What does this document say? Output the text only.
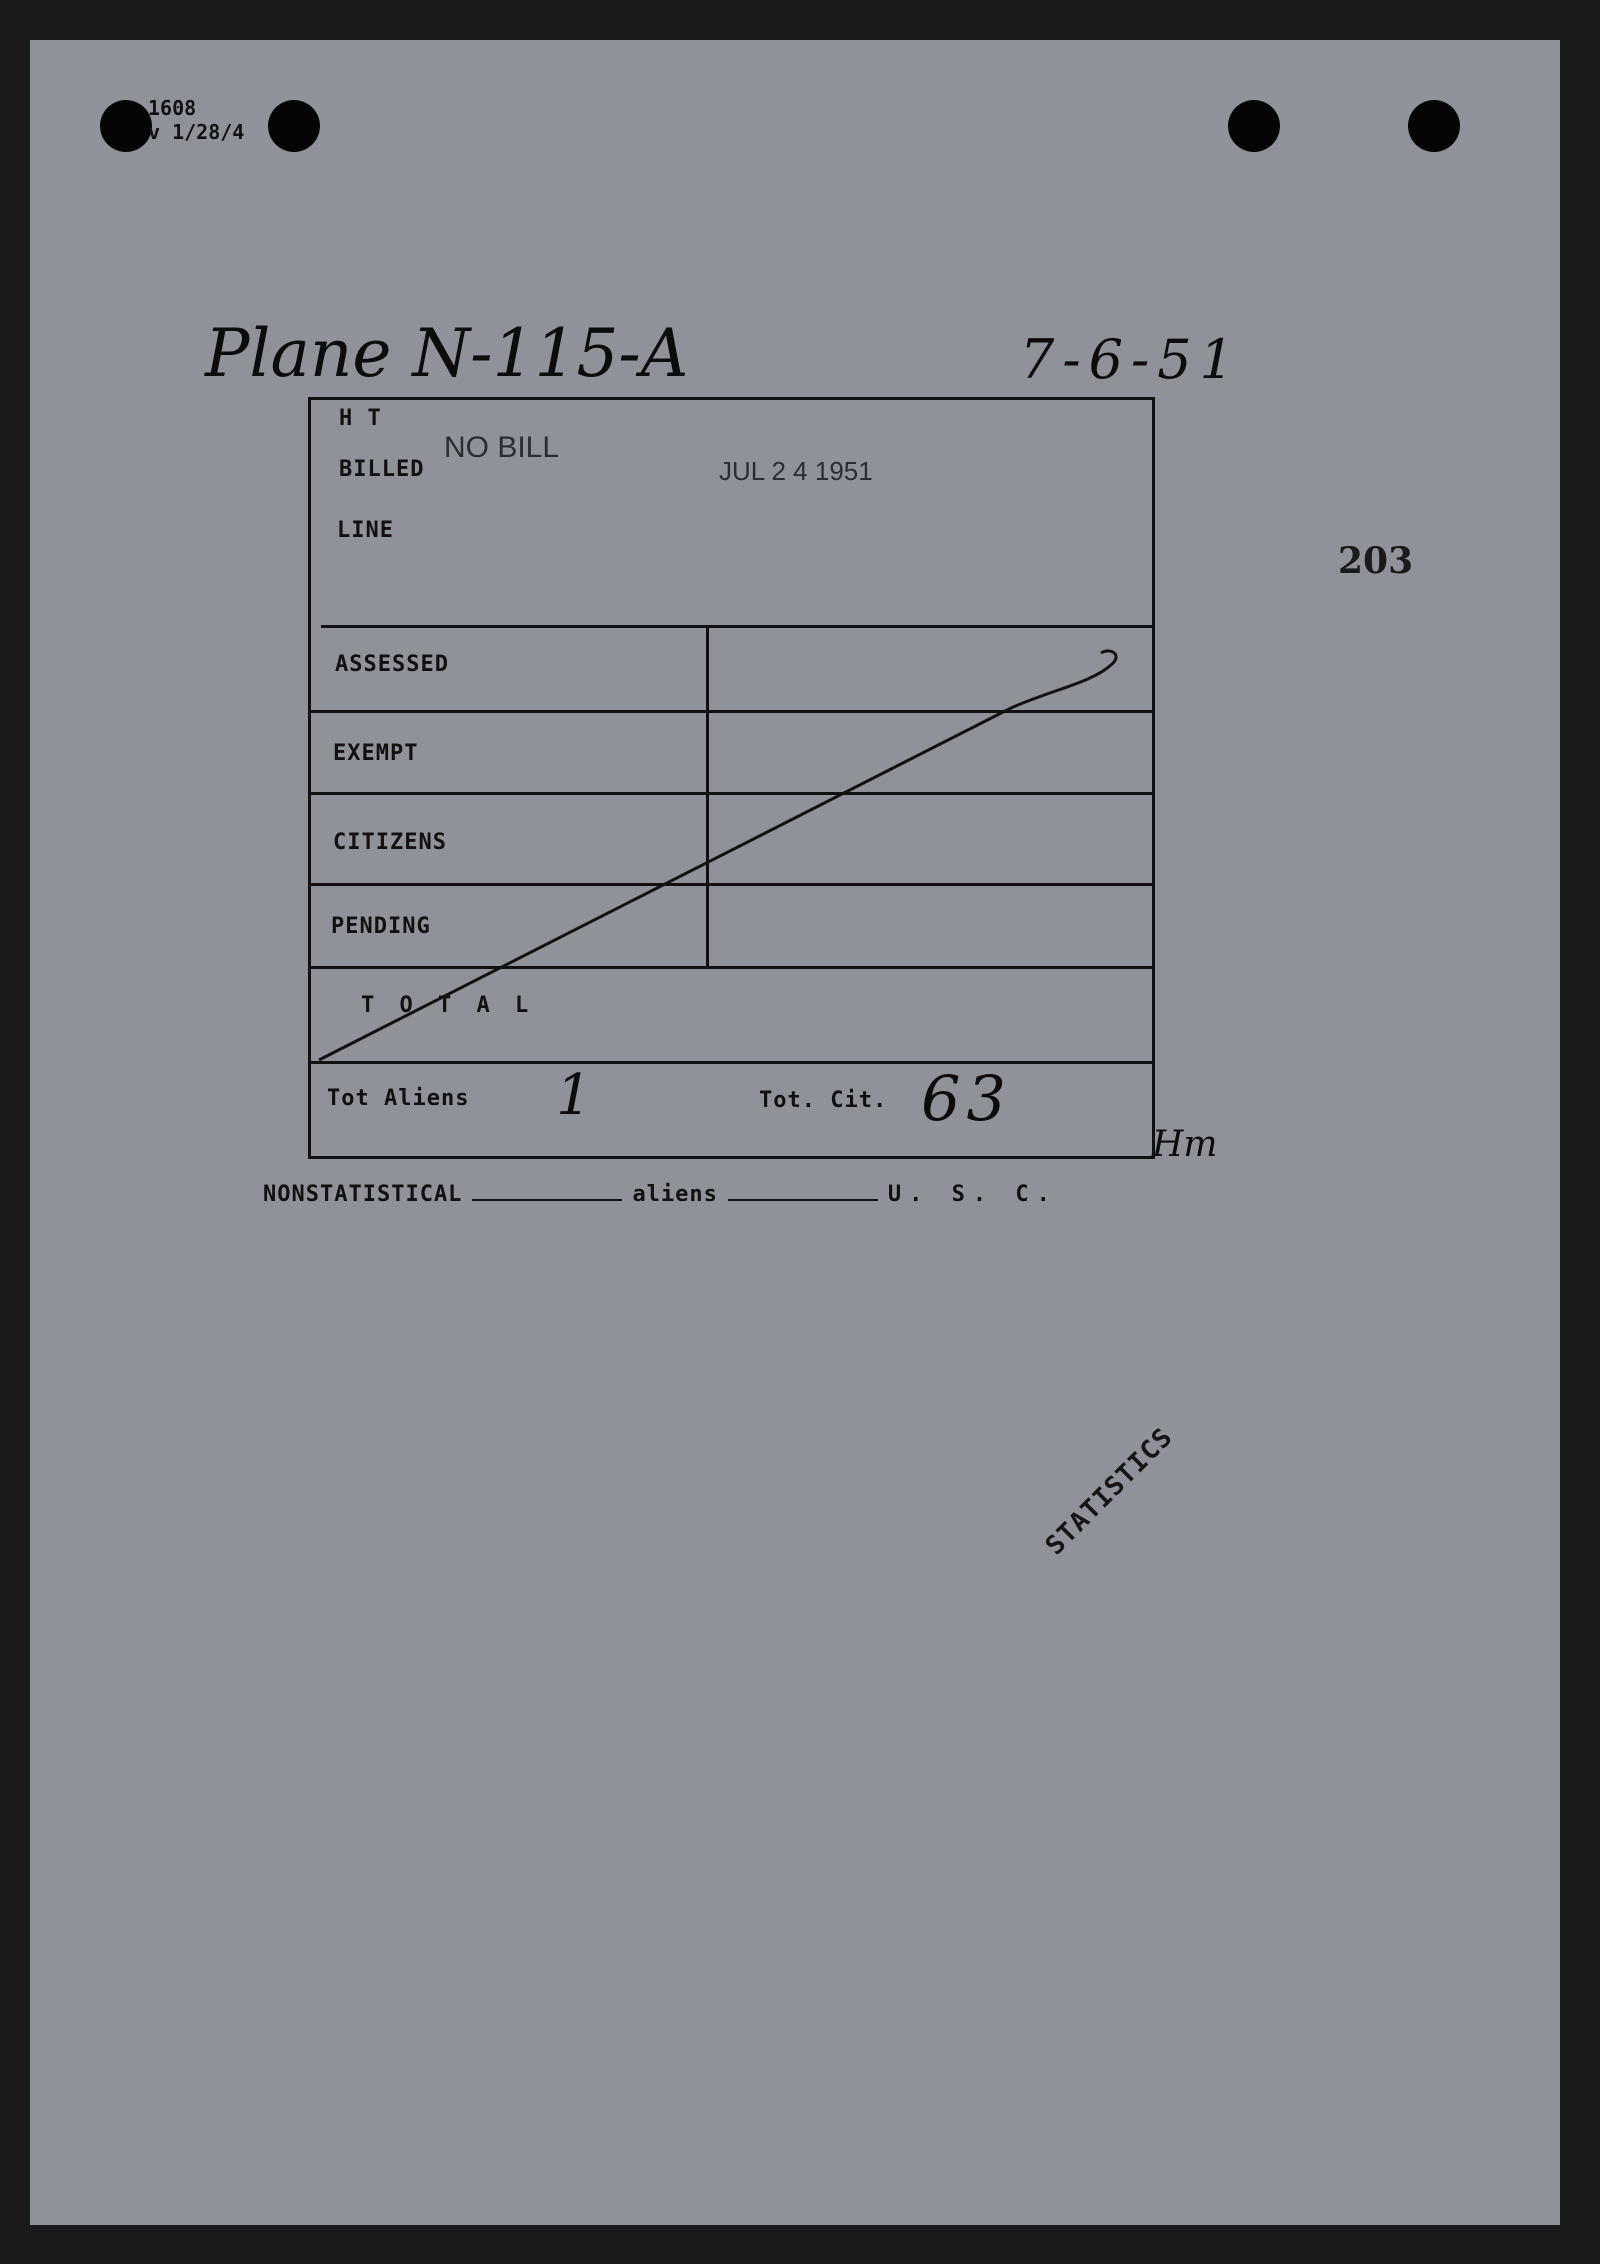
1608
v 1/28/4
Plane N-115-A	7-6-51
203
H T
BILLED
NO BILL
JUL 2 4 1951
LINE
ASSESSED
EXEMPT
CITIZENS
PENDING
T O T A L
Tot Aliens 1	Tot. Cit. 63
Hm
NONSTATISTICAL	aliens	U. S. C.
STATISTICS
